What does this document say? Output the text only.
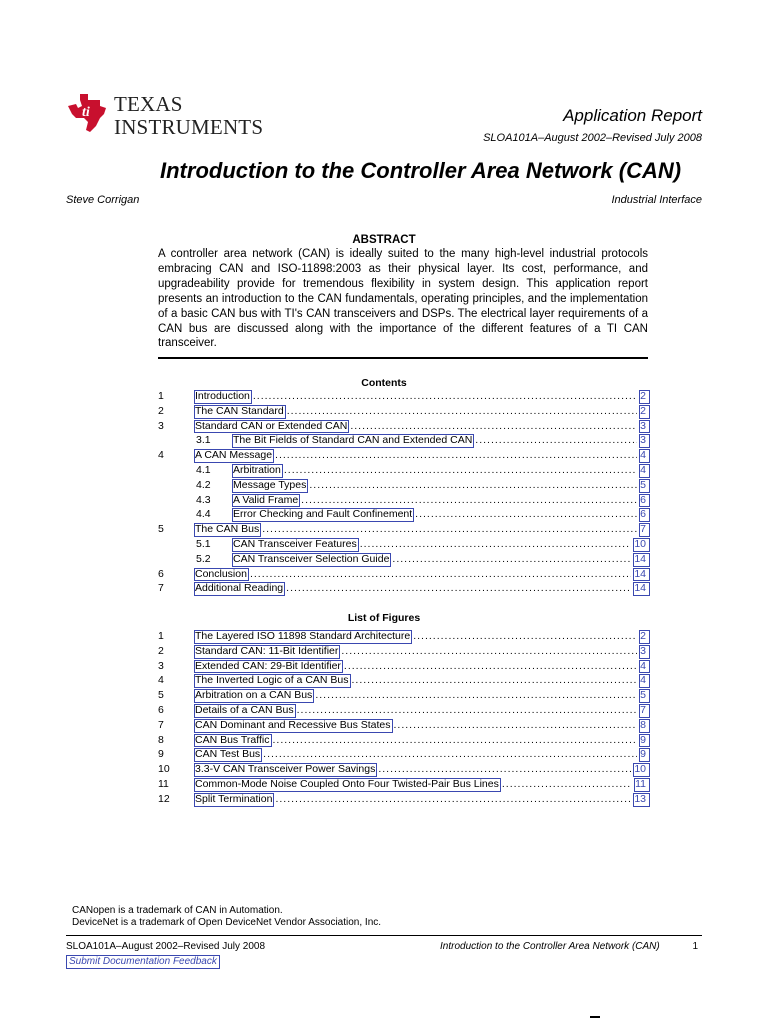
ti TEXAS
INSTRUMENTS	Application Report
SLOA101A–August 2002–Revised July 2008
Introduction to the Controller Area Network (CAN)
Steve Corrigan	Industrial Interface
ABSTRACT

A controller area network (CAN) is ideally suited to the many high-level industrial protocols embracing CAN and ISO-11898:2003 as their physical layer. Its cost, performance, and upgradeability provide for tremendous flexibility in system design. This application report presents an introduction to the CAN fundamentals, operating principles, and the implementation of a basic CAN bus with TI's CAN transceivers and DSPs. The electrical layer requirements of a CAN bus are discussed along with the importance of the different features of a TI CAN transceiver.

Contents
1	Introduction .....	2
2	The CAN Standard .....	2
3	Standard CAN or Extended CAN .....	3
3.1 The Bit Fields of Standard CAN and Extended CAN .....	3
4	A CAN Message .....	4
4.1 Arbitration .....	4
4.2 Message Types .....	5
4.3 A Valid Frame .....	6
4.4 Error Checking and Fault Confinement .....	6
5	The CAN Bus .....	7
5.1 CAN Transceiver Features .....	10
5.2 CAN Transceiver Selection Guide .....	14
6	Conclusion .....	14
7	Additional Reading .....	14
List of Figures
1	The Layered ISO 11898 Standard Architecture .....	2
2	Standard CAN: 11-Bit Identifier .....	3
3	Extended CAN: 29-Bit Identifier .....	4
4	The Inverted Logic of a CAN Bus .....	4
5	Arbitration on a CAN Bus .....	5
6	Details of a CAN Bus .....	7
7	CAN Dominant and Recessive Bus States .....	8
8	CAN Bus Traffic .....	9
9	CAN Test Bus .....	9
10 3.3-V CAN Transceiver Power Savings .....	10
11 Common-Mode Noise Coupled Onto Four Twisted-Pair Bus Lines .....	11
12 Split Termination .....	13
CANopen is a trademark of CAN in Automation.
DeviceNet is a trademark of Open DeviceNet Vendor Association, Inc.
SLOA101A–August 2002–Revised July 2008	Introduction to the Controller Area Network (CAN)	1
Submit Documentation Feedback
